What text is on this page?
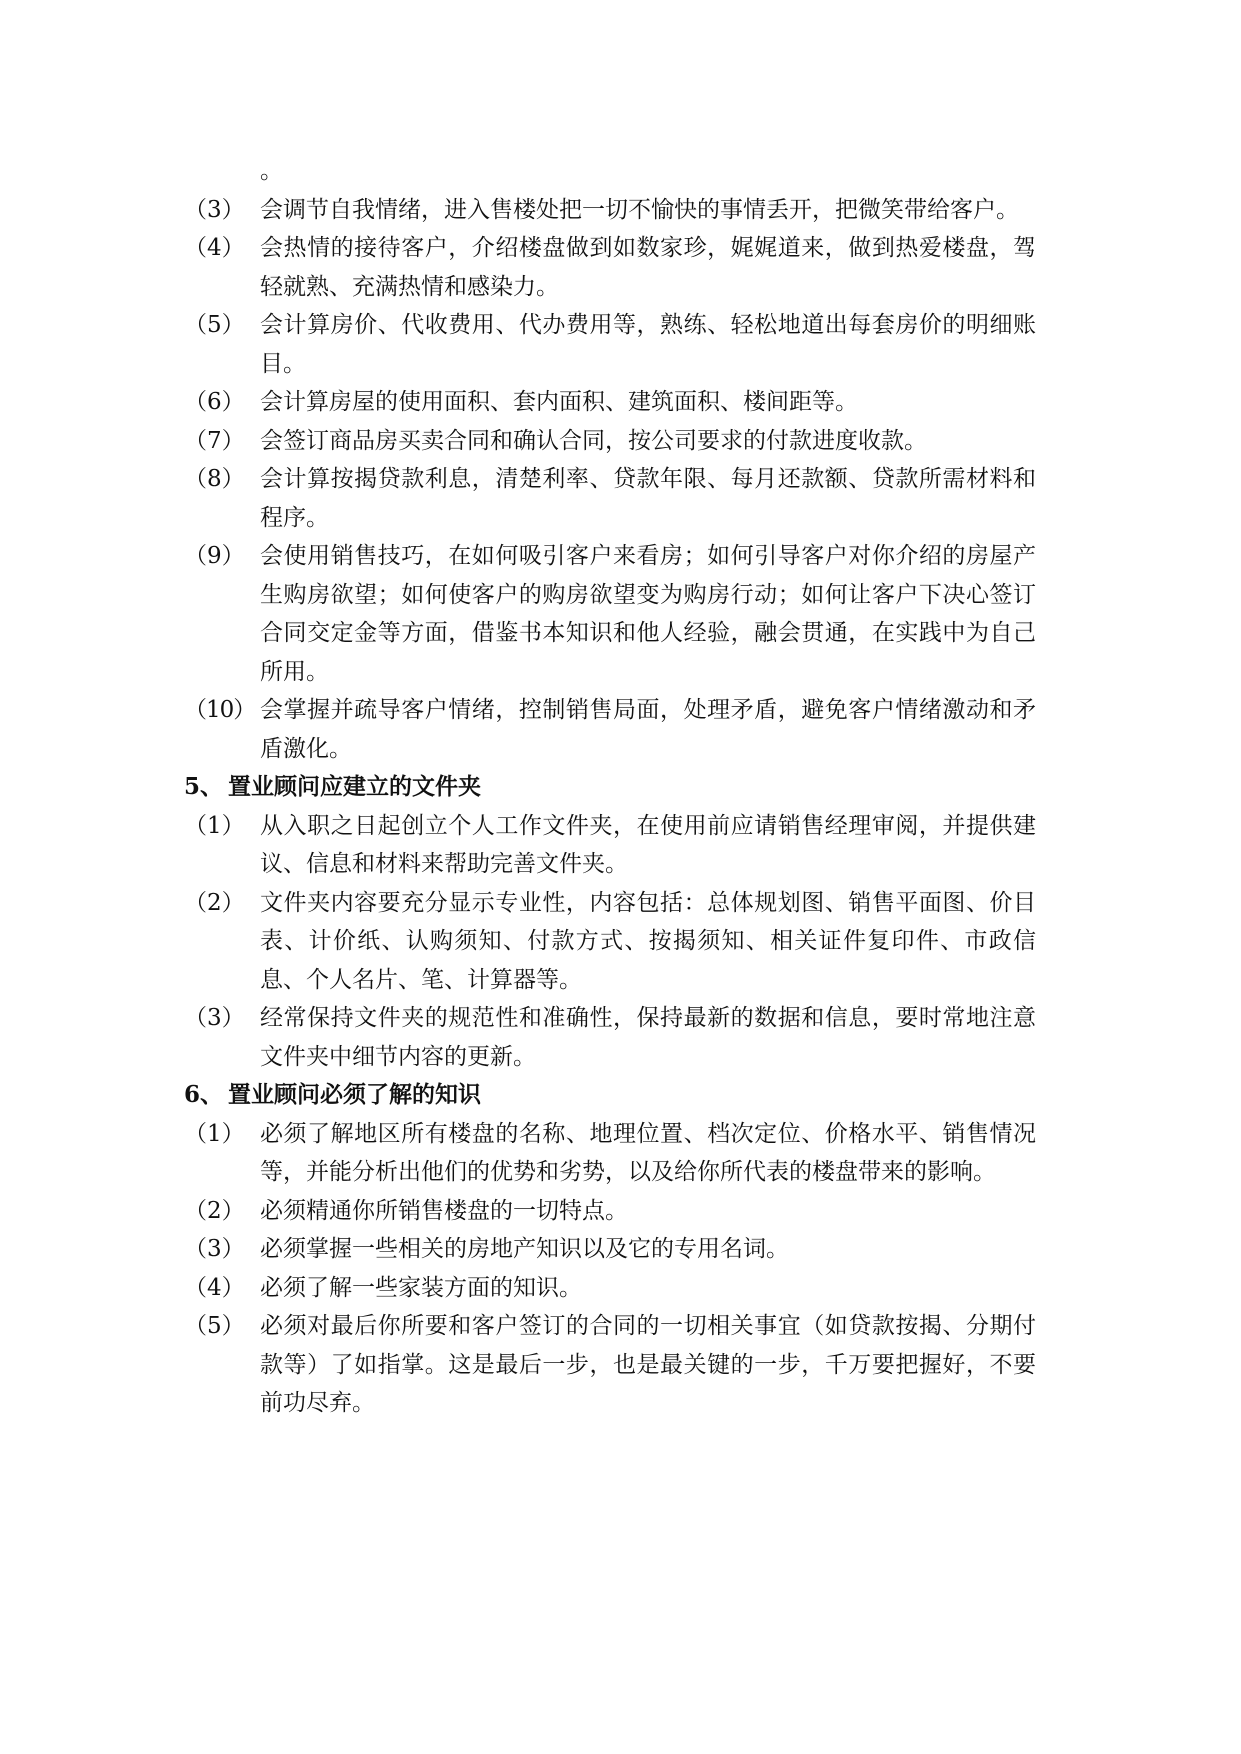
。
（3） 会调节自我情绪，进入售楼处把一切不愉快的事情丢开，把微笑带给客户。
（4） 会热情的接待客户，介绍楼盘做到如数家珍，娓娓道来，做到热爱楼盘，驾轻就熟、充满热情和感染力。
（5） 会计算房价、代收费用、代办费用等，熟练、轻松地道出每套房价的明细账目。
（6） 会计算房屋的使用面积、套内面积、建筑面积、楼间距等。
（7） 会签订商品房买卖合同和确认合同，按公司要求的付款进度收款。
（8） 会计算按揭贷款利息，清楚利率、贷款年限、每月还款额、贷款所需材料和程序。
（9） 会使用销售技巧，在如何吸引客户来看房；如何引导客户对你介绍的房屋产生购房欲望；如何使客户的购房欲望变为购房行动；如何让客户下决心签订合同交定金等方面，借鉴书本知识和他人经验，融会贯通，在实践中为自己所用。
（10） 会掌握并疏导客户情绪，控制销售局面，处理矛盾，避免客户情绪激动和矛盾激化。
5、 置业顾问应建立的文件夹
（1） 从入职之日起创立个人工作文件夹，在使用前应请销售经理审阅，并提供建议、信息和材料来帮助完善文件夹。
（2） 文件夹内容要充分显示专业性，内容包括：总体规划图、销售平面图、价目表、计价纸、认购须知、付款方式、按揭须知、相关证件复印件、市政信息、个人名片、笔、计算器等。
（3） 经常保持文件夹的规范性和准确性，保持最新的数据和信息，要时常地注意文件夹中细节内容的更新。
6、 置业顾问必须了解的知识
（1） 必须了解地区所有楼盘的名称、地理位置、档次定位、价格水平、销售情况等，并能分析出他们的优势和劣势，以及给你所代表的楼盘带来的影响。
（2） 必须精通你所销售楼盘的一切特点。
（3） 必须掌握一些相关的房地产知识以及它的专用名词。
（4） 必须了解一些家装方面的知识。
（5） 必须对最后你所要和客户签订的合同的一切相关事宜（如贷款按揭、分期付款等）了如指掌。这是最后一步，也是最关键的一步，千万要把握好，不要前功尽弃。
